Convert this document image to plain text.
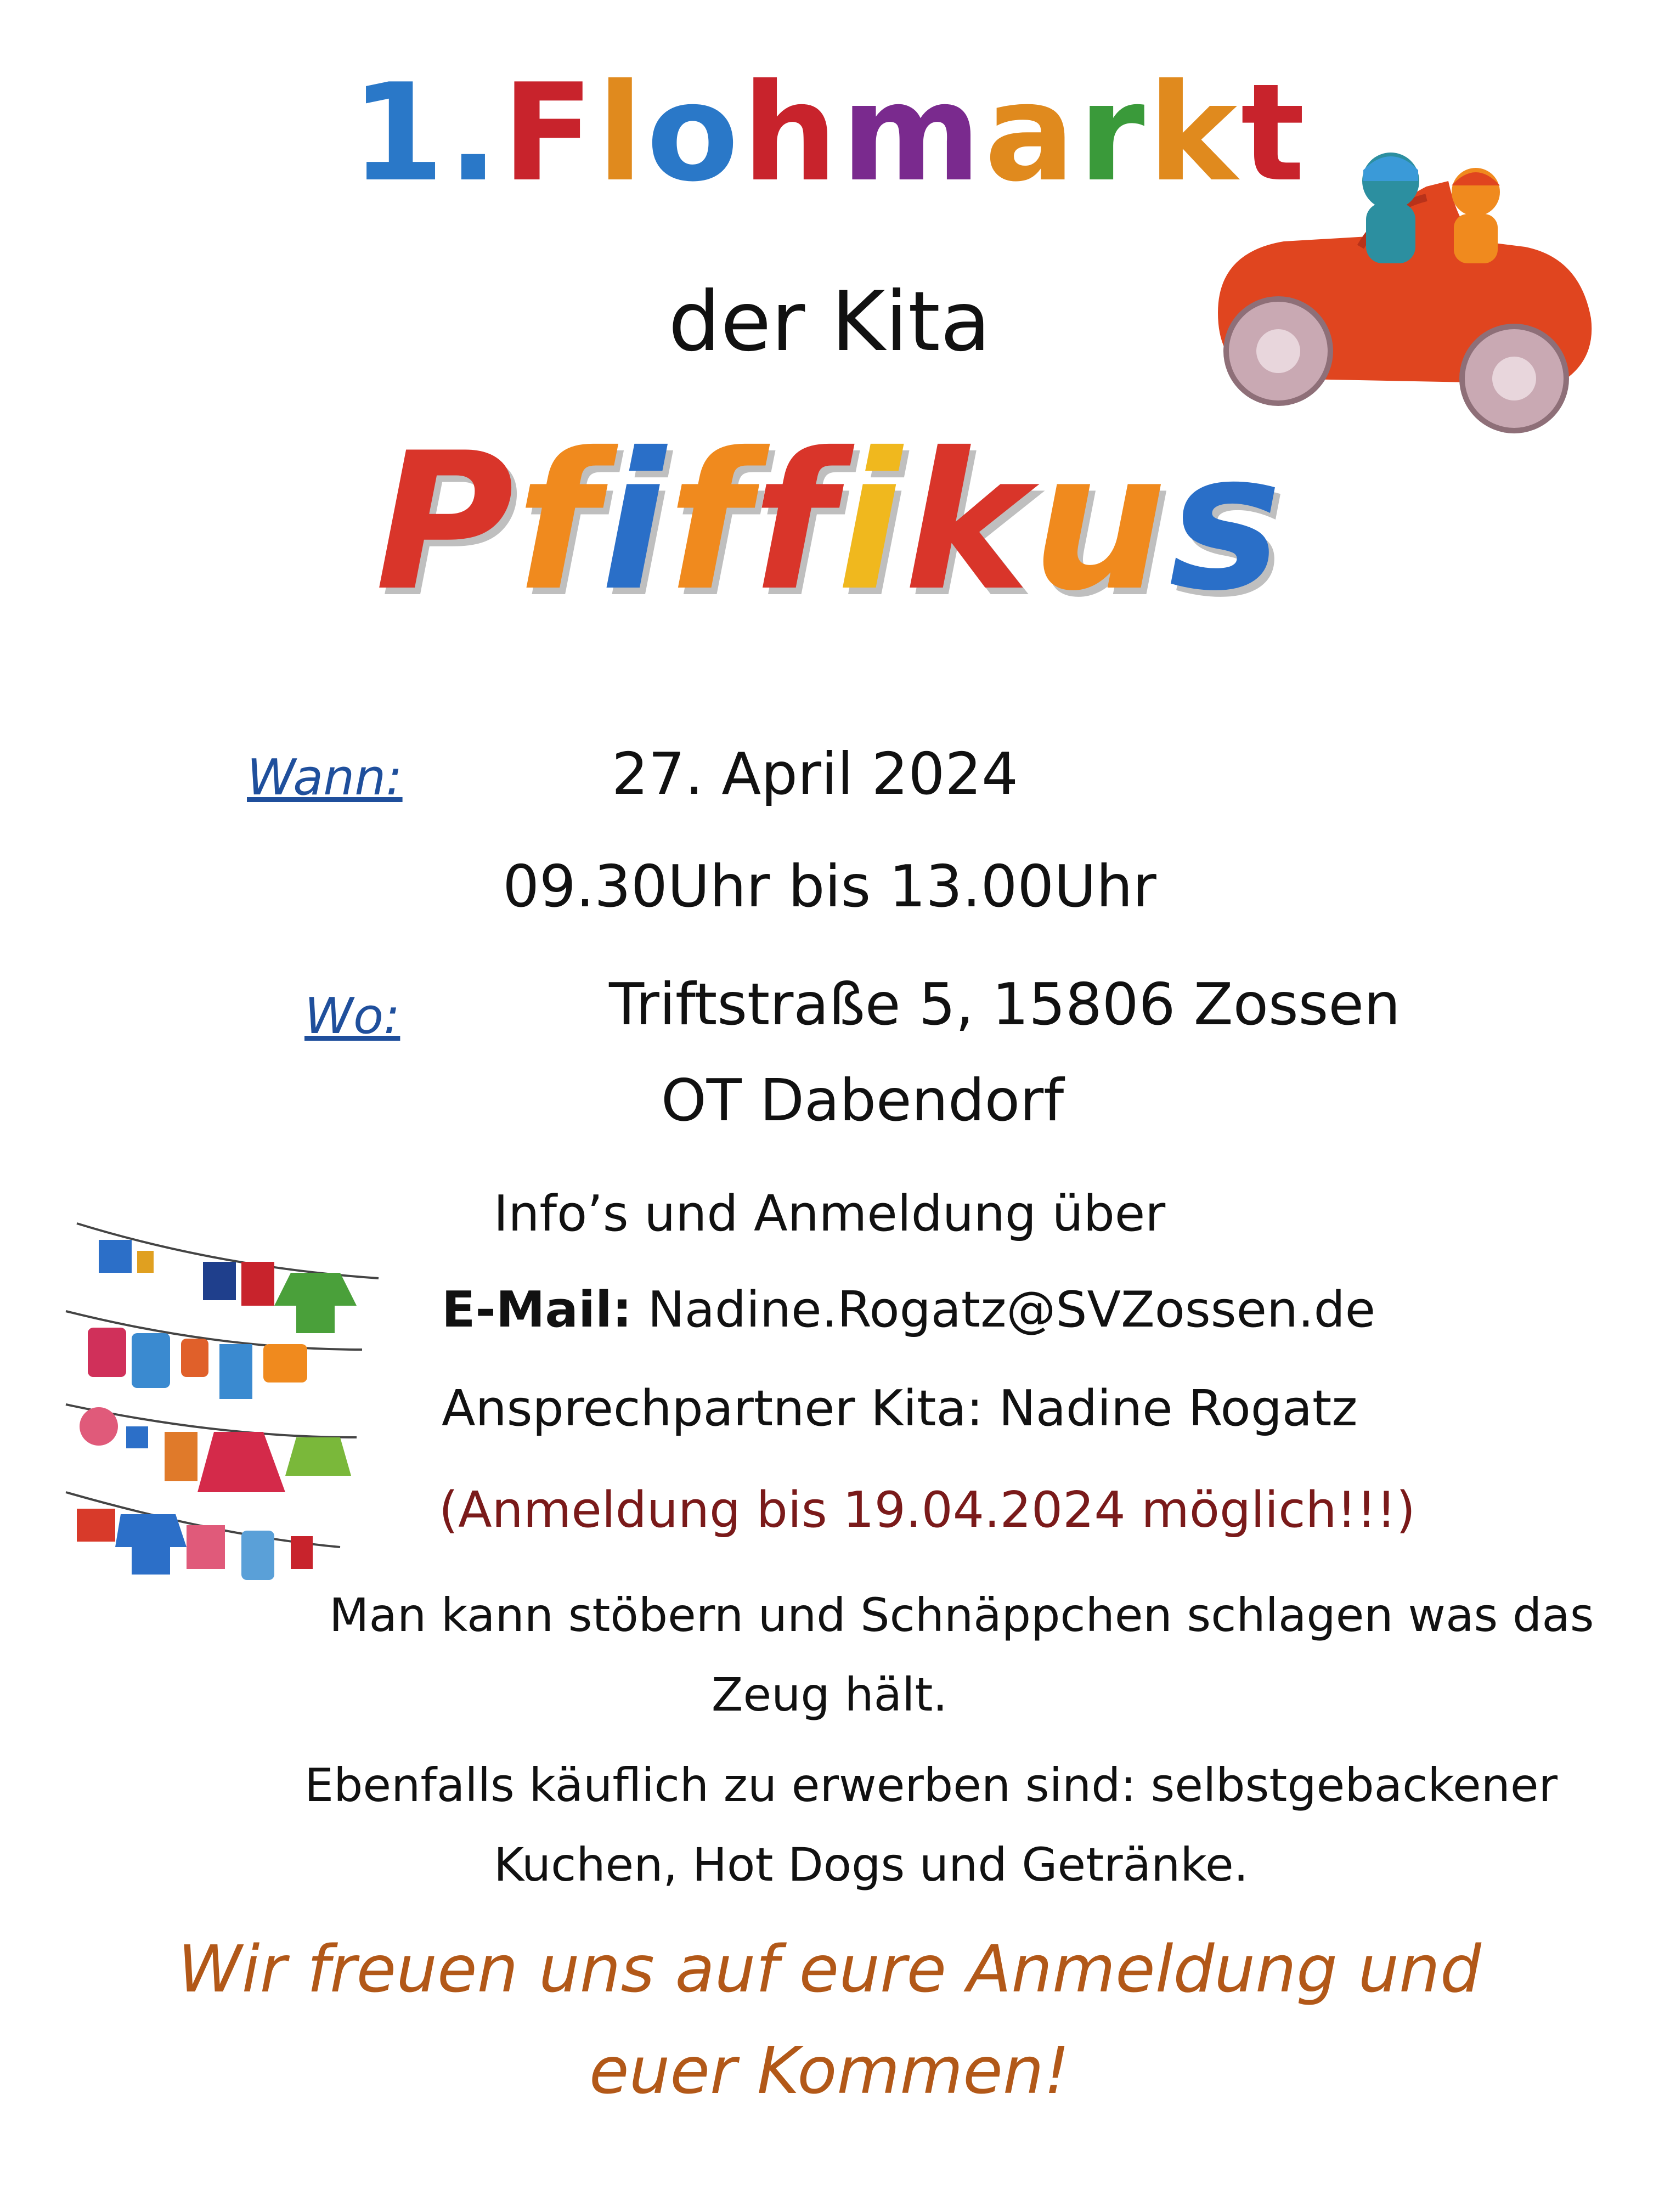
1.Flohmarkt
der Kita
Pfiffikus
Wann:	27. April 2024
09.30Uhr bis 13.00Uhr
Wo:	Triftstraße 5, 15806 Zossen
OT Dabendorf
Info’s und Anmeldung über
E-Mail: Nadine.Rogatz@SVZossen.de
Ansprechpartner Kita: Nadine Rogatz
(Anmeldung bis 19.04.2024 möglich!!!)
Man kann stöbern und Schnäppchen schlagen was das
Zeug hält.
Ebenfalls käuflich zu erwerben sind: selbstgebackener
Kuchen, Hot Dogs und Getränke.
Wir freuen uns auf eure Anmeldung und
euer Kommen!
